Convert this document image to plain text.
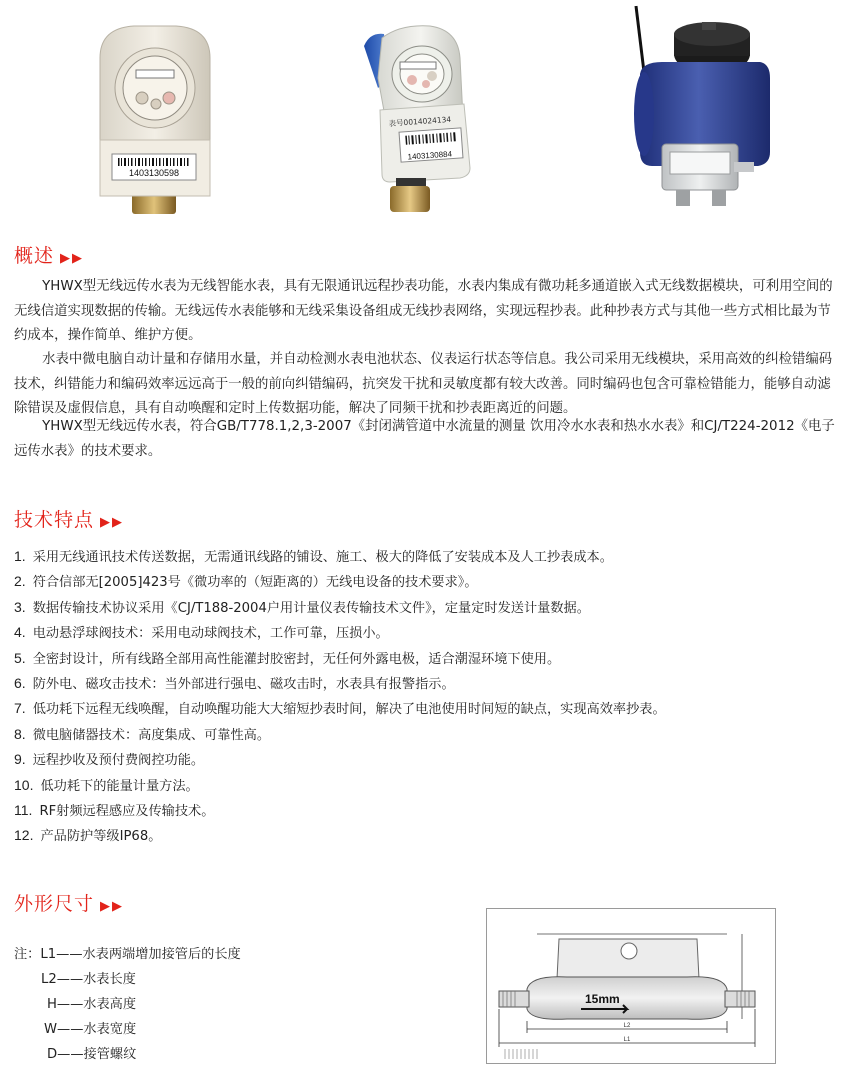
1403130598
表号0014024134
1403130884
概述 ▶▶
YHWX型无线远传水表为无线智能水表，具有无限通讯远程抄表功能，水表内集成有微功耗多通道嵌入式无线数据模块，可利用空间的无线信道实现数据的传输。无线远传水表能够和无线采集设备组成无线抄表网络，实现远程抄表。此种抄表方式与其他一些方式相比最为节约成本，操作简单、维护方便。
水表中微电脑自动计量和存储用水量，并自动检测水表电池状态、仪表运行状态等信息。我公司采用无线模块，采用高效的纠检错编码技术，纠错能力和编码效率远远高于一般的前向纠错编码，抗突发干扰和灵敏度都有较大改善。同时编码也包含可靠检错能力，能够自动滤除错误及虚假信息，具有自动唤醒和定时上传数据功能，解决了同频干扰和抄表距离近的问题。
YHWX型无线远传水表，符合GB/T778.1,2,3-2007《封闭满管道中水流量的测量 饮用冷水水表和热水水表》和CJ/T224-2012《电子远传水表》的技术要求。
技术特点 ▶▶
1. 采用无线通讯技术传送数据，无需通讯线路的铺设、施工、极大的降低了安装成本及人工抄表成本。
2. 符合信部无[2005]423号《微功率的（短距离的）无线电设备的技术要求》。
3. 数据传输技术协议采用《CJ/T188-2004户用计量仪表传输技术文件》，定量定时发送计量数据。
4. 电动悬浮球阀技术：采用电动球阀技术，工作可靠，压损小。
5. 全密封设计，所有线路全部用高性能灌封胶密封，无任何外露电极，适合潮湿环境下使用。
6. 防外电、磁攻击技术：当外部进行强电、磁攻击时，水表具有报警指示。
7. 低功耗下远程无线唤醒，自动唤醒功能大大缩短抄表时间，解决了电池使用时间短的缺点，实现高效率抄表。
8. 微电脑储器技术：高度集成、可靠性高。
9. 远程抄收及预付费阀控功能。
10. 低功耗下的能量计量方法。
11. RF射频远程感应及传输技术。
12. 产品防护等级IP68。
外形尺寸 ▶▶
注：L1——水表两端增加接管后的长度
L2——水表长度
H——水表高度
W——水表宽度
D——接管螺纹
15mm
L2
L1
